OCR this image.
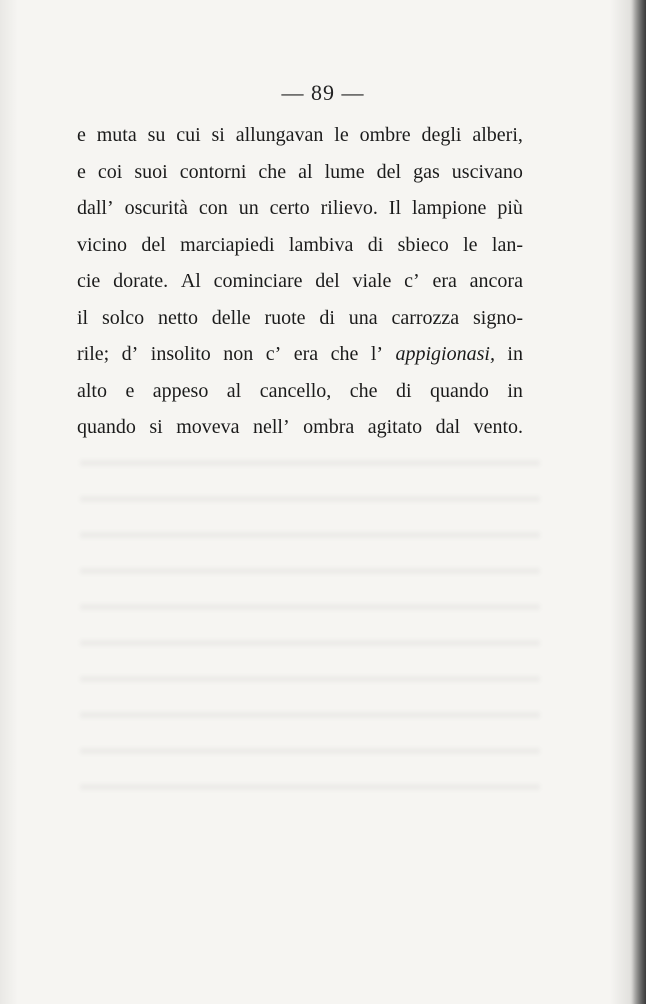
— 89 —
e muta su cui si allungavan le ombre degli alberi,
e coi suoi contorni che al lume del gas uscivano
dall’ oscurità con un certo rilievo. Il lampione più
vicino del marciapiedi lambiva di sbieco le lan-
cie dorate. Al cominciare del viale c’ era ancora
il solco netto delle ruote di una carrozza signo-
rile; d’ insolito non c’ era che l’ appigionasi, in
alto e appeso al cancello, che di quando in
quando si moveva nell’ ombra agitato dal vento.
